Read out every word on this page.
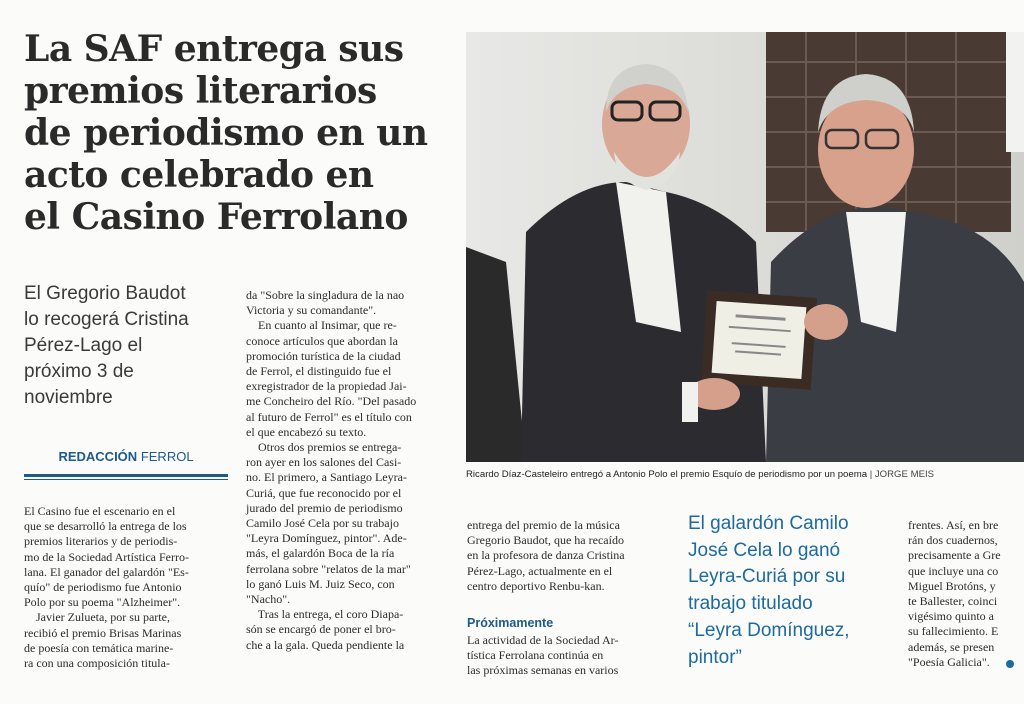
La SAF entrega sus
premios literarios
de periodismo en un
acto celebrado en
el Casino Ferrolano
El Gregorio Baudot
lo recogerá Cristina
Pérez-Lago el
próximo 3 de
noviembre
REDACCIÓN FERROL
El Casino fue el escenario en el
que se desarrolló la entrega de los
premios literarios y de periodis-
mo de la Sociedad Artística Ferro-
lana. El ganador del galardón "Es-
quío" de periodismo fue Antonio
Polo por su poema "Alzheimer".
Javier Zulueta, por su parte,
recibió el premio Brisas Marinas
de poesía con temática marine-
ra con una composición titula-
da "Sobre la singladura de la nao
Victoria y su comandante".
En cuanto al Insimar, que re-
conoce artículos que abordan la
promoción turística de la ciudad
de Ferrol, el distinguido fue el
exregistrador de la propiedad Jai-
me Concheiro del Río. "Del pasado
al futuro de Ferrol" es el título con
el que encabezó su texto.
Otros dos premios se entrega-
ron ayer en los salones del Casi-
no. El primero, a Santiago Leyra-
Curiá, que fue reconocido por el
jurado del premio de periodismo
Camilo José Cela por su trabajo
"Leyra Domínguez, pintor". Ade-
más, el galardón Boca de la ría
ferrolana sobre "relatos de la mar"
lo ganó Luis M. Juiz Seco, con
"Nacho".
Tras la entrega, el coro Diapa-
són se encargó de poner el bro-
che a la gala. Queda pendiente la
Ricardo Díaz-Casteleiro entregó a Antonio Polo el premio Esquío de periodismo por un poema | JORGE MEIS
entrega del premio de la música
Gregorio Baudot, que ha recaído
en la profesora de danza Cristina
Pérez-Lago, actualmente en el
centro deportivo Renbu-kan.
Próximamente
La actividad de la Sociedad Ar-
tística Ferrolana continúa en
las próximas semanas en varios
El galardón Camilo
José Cela lo ganó
Leyra-Curiá por su
trabajo titulado
“Leyra Domínguez,
pintor”
frentes. Así, en bre
rán dos cuadernos,
precisamente a Gre
que incluye una co
Miguel Brotóns, y
te Ballester, coinci
vigésimo quinto a
su fallecimiento. E
además, se presen
"Poesía Galicia".
